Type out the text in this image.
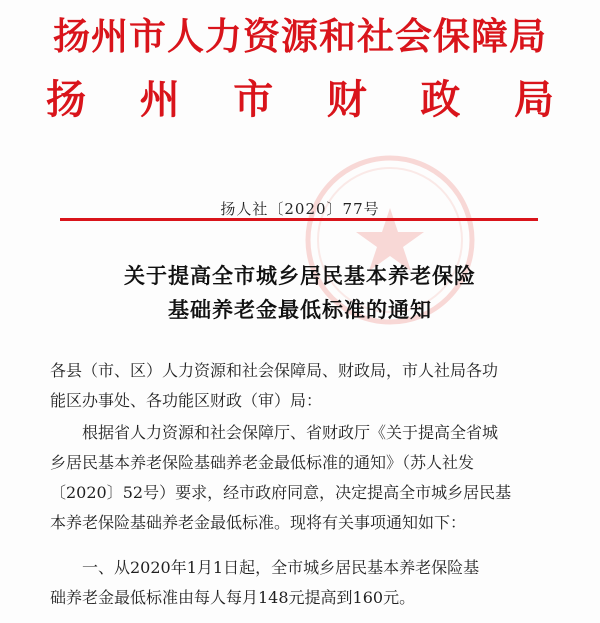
扬州市人力资源和社会保障局
扬 州 市 财 政 局
扬人社〔2020〕77号
关于提高全市城乡居民基本养老保险
基础养老金最低标准的通知
各县（市、区）人力资源和社会保障局、财政局，市人社局各功
能区办事处、各功能区财政（审）局：
根据省人力资源和社会保障厅、省财政厅《关于提高全省城
乡居民基本养老保险基础养老金最低标准的通知》（苏人社发
〔2020〕52号）要求，经市政府同意，决定提高全市城乡居民基
本养老保险基础养老金最低标准。现将有关事项通知如下：
一、从2020年1月1日起，全市城乡居民基本养老保险基
础养老金最低标准由每人每月148元提高到160元。
